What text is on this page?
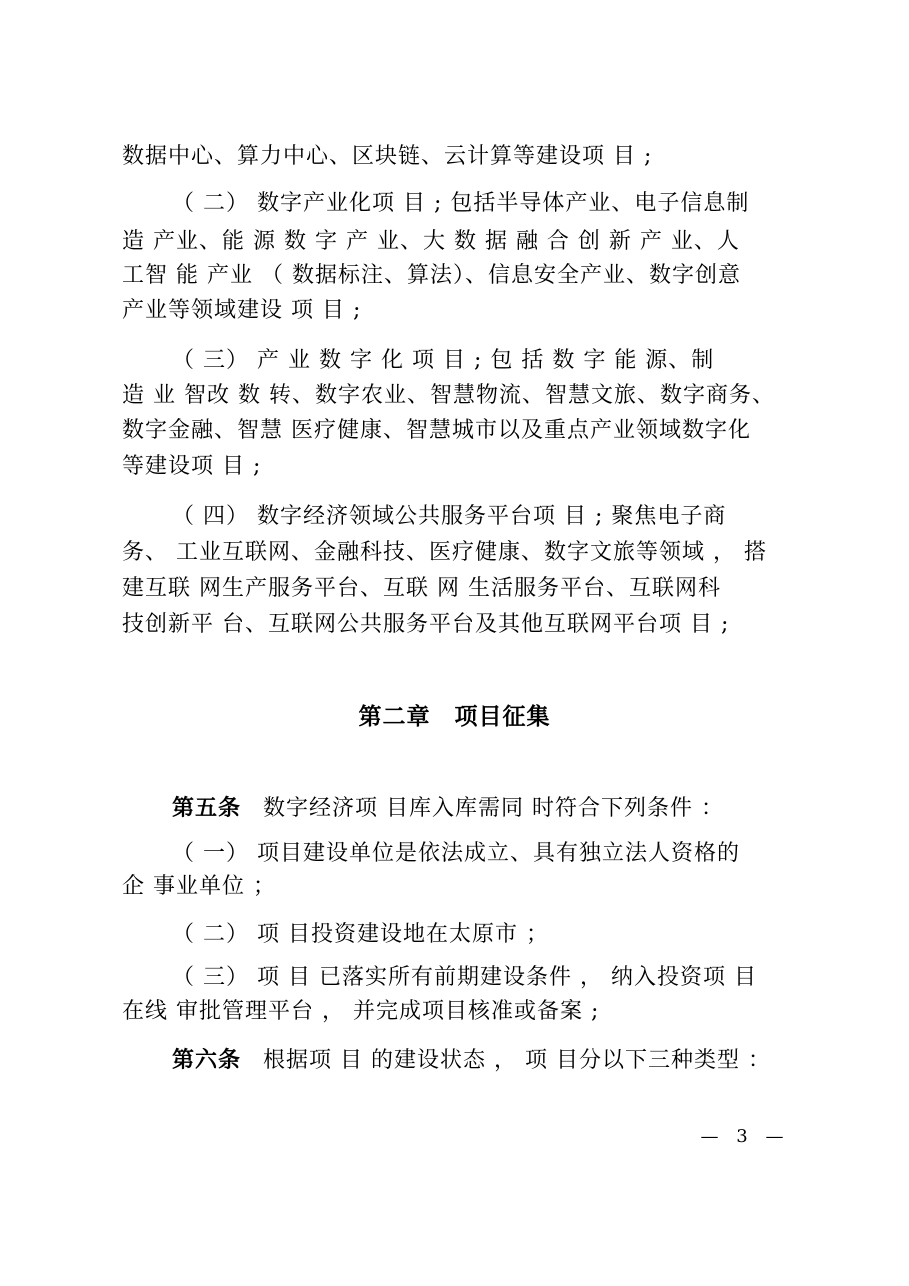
数据中心、算力中心、区块链、云计算等建设项 目 ;
（ 二） 数字产业化项 目 ; 包括半导体产业、电子信息制
造 产业、能 源 数 字 产 业、大 数 据 融 合 创 新 产 业、人
工智 能 产业 （ 数据标注、算法）、信息安全产业、数字创意
产业等领域建设 项 目 ;
（ 三） 产 业 数 字 化 项 目 ; 包 括 数 字 能 源、制
造 业 智改 数 转、数字农业、智慧物流、智慧文旅、数字商务、
数字金融、智慧 医疗健康、智慧城市以及重点产业领域数字化
等建设项 目 ;
（ 四） 数字经济领域公共服务平台项 目 ; 聚焦电子商
务、 工业互联网、金融科技、医疗健康、数字文旅等领域 ， 搭
建互联 网生产服务平台、互联 网 生活服务平台、互联网科
技创新平 台、互联网公共服务平台及其他互联网平台项 目 ;
第二章　项目征集
第五条 数字经济项 目库入库需同 时符合下列条件 ：
（ 一） 项目建设单位是依法成立、具有独立法人资格的
企 事业单位 ；
（ 二） 项 目投资建设地在太原市 ；
（ 三） 项 目 已落实所有前期建设条件 ， 纳入投资项 目
在线 审批管理平台 ， 并完成项目核准或备案 ;
第六条 根据项 目 的建设状态 ， 项 目分以下三种类型 ：
— 3 —
